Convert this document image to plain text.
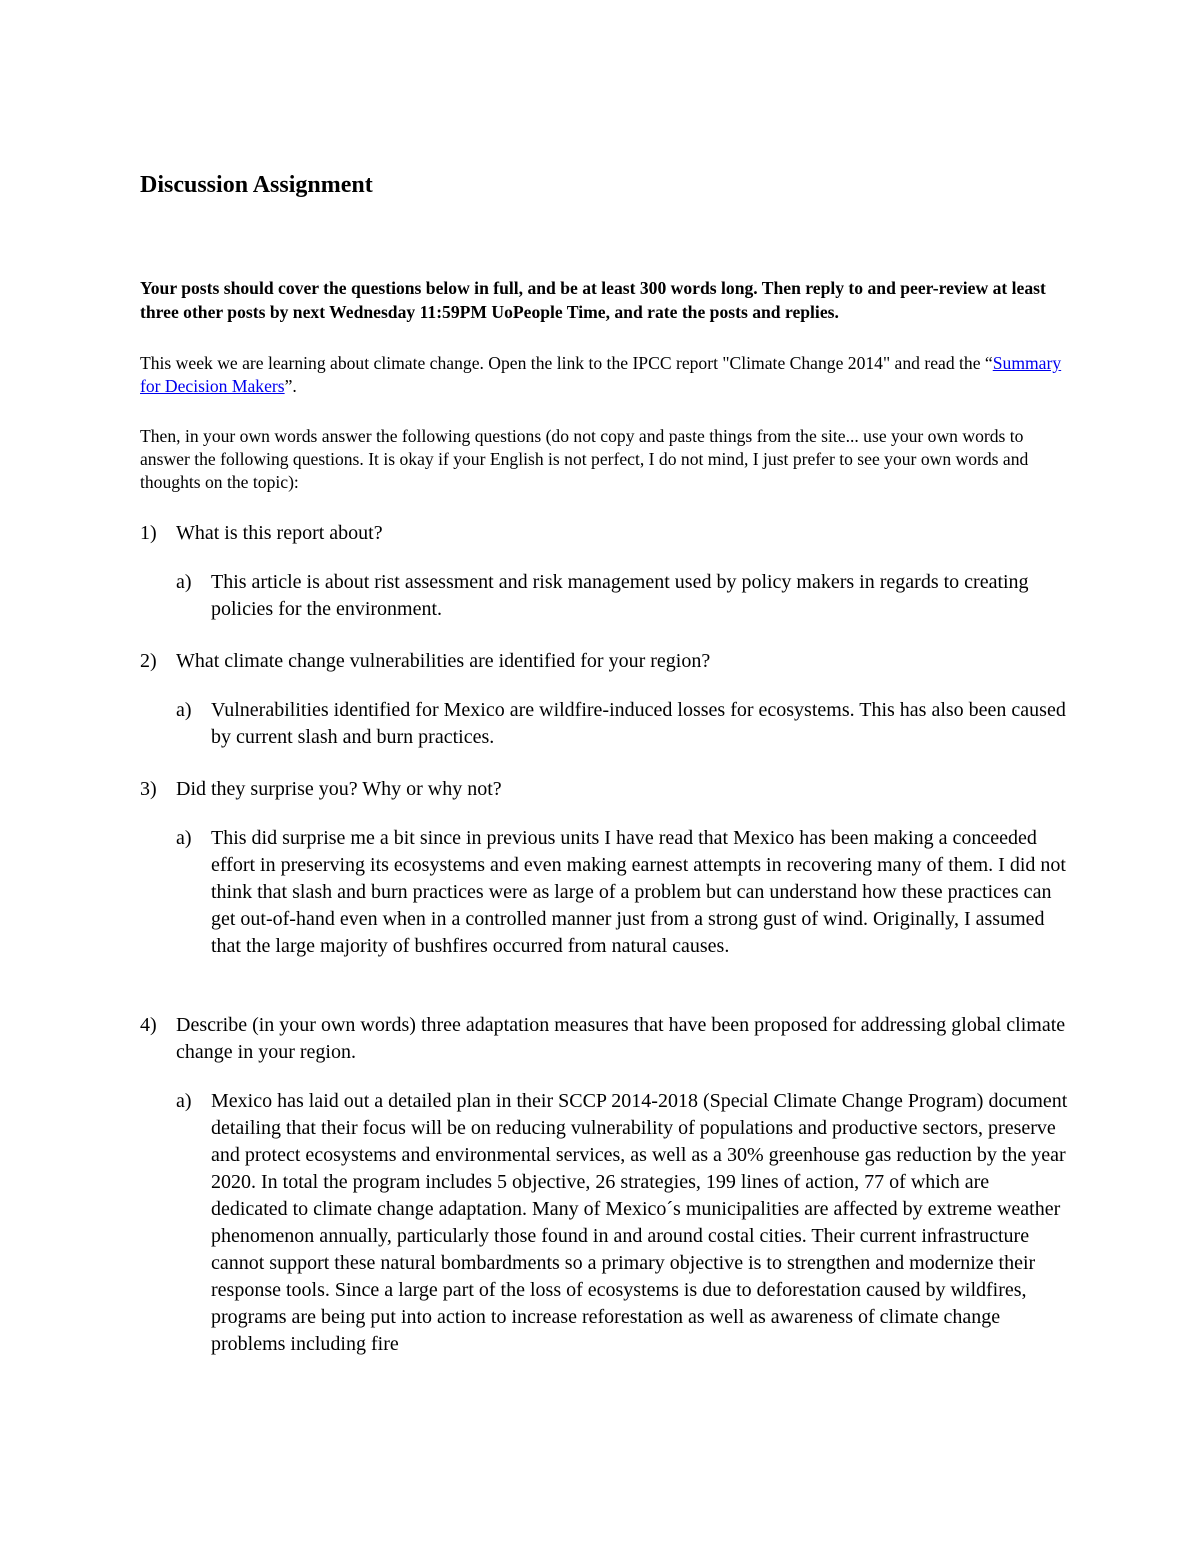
Discussion Assignment

Your posts should cover the questions below in full, and be at least 300 words long. Then reply to and peer-review at least three other posts by next Wednesday 11:59PM UoPeople Time, and rate the posts and replies.

This week we are learning about climate change. Open the link to the IPCC report "Climate Change 2014" and read the “Summary for Decision Makers”.

Then, in your own words answer the following questions (do not copy and paste things from the site... use your own words to answer the following questions. It is okay if your English is not perfect, I do not mind, I just prefer to see your own words and thoughts on the topic):

1) What is this report about?
a) This article is about rist assessment and risk management used by policy makers in regards to creating policies for the environment.
2) What climate change vulnerabilities are identified for your region?
a) Vulnerabilities identified for Mexico are wildfire-induced losses for ecosystems. This has also been caused by current slash and burn practices.
3) Did they surprise you? Why or why not?
a) This did surprise me a bit since in previous units I have read that Mexico has been making a conceeded effort in preserving its ecosystems and even making earnest attempts in recovering many of them. I did not think that slash and burn practices were as large of a problem but can understand how these practices can get out-of-hand even when in a controlled manner just from a strong gust of wind. Originally, I assumed that the large majority of bushfires occurred from natural causes.
4) Describe (in your own words) three adaptation measures that have been proposed for addressing global climate change in your region.
a) Mexico has laid out a detailed plan in their SCCP 2014-2018 (Special Climate Change Program) document detailing that their focus will be on reducing vulnerability of populations and productive sectors, preserve and protect ecosystems and environmental services, as well as a 30% greenhouse gas reduction by the year 2020. In total the program includes 5 objective, 26 strategies, 199 lines of action, 77 of which are dedicated to climate change adaptation. Many of Mexico´s municipalities are affected by extreme weather phenomenon annually, particularly those found in and around costal cities. Their current infrastructure cannot support these natural bombardments so a primary objective is to strengthen and modernize their response tools. Since a large part of the loss of ecosystems is due to deforestation caused by wildfires, programs are being put into action to increase reforestation as well as awareness of climate change problems including fire
